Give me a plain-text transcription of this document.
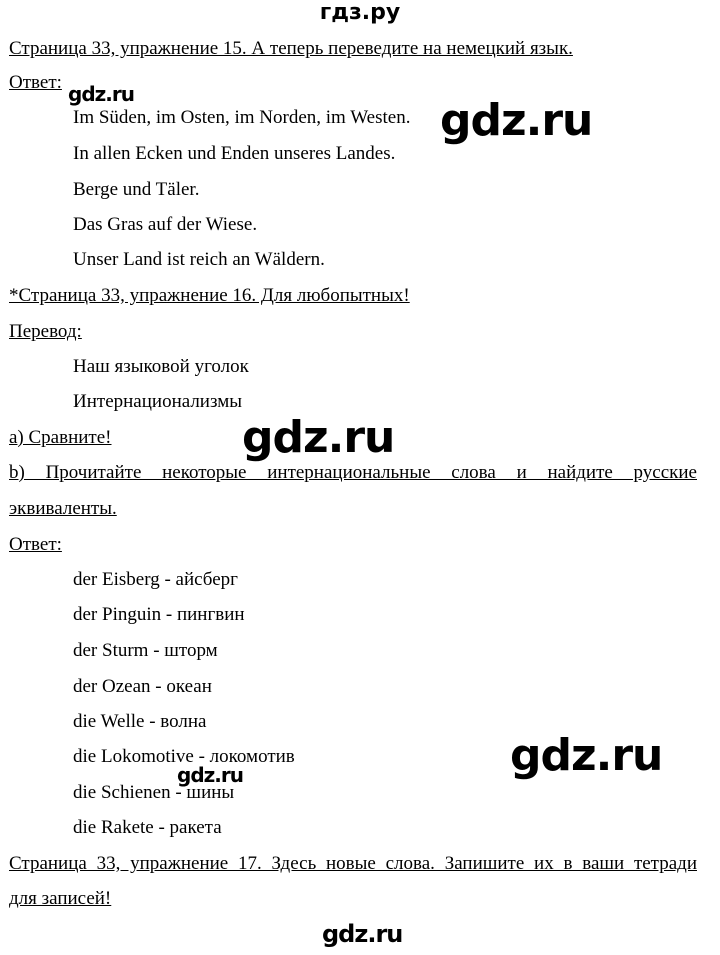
гдз.ру
Страница 33, упражнение 15. А теперь переведите на немецкий язык.
Ответ:
Im Süden, im Osten, im Norden, im Westen.
In allen Ecken und Enden unseres Landes.
Berge und Täler.
Das Gras auf der Wiese.
Unser Land ist reich an Wäldern.
*Страница 33, упражнение 16. Для любопытных!
Перевод:
Наш языковой уголок
Интернационализмы
a) Сравните!
b) Прочитайте некоторые интернациональные слова и найдите русские
эквиваленты.
Ответ:
der Eisberg - айсберг
der Pinguin - пингвин
der Sturm - шторм
der Ozean - океан
die Welle - волна
die Lokomotive - локомотив
die Schienen - шины
die Rakete - ракета
Страница 33, упражнение 17. Здесь новые слова. Запишите их в ваши тетради
для записей!
gdz.ru
gdz.ru
gdz.ru
gdz.ru
gdz.ru
gdz.ru
